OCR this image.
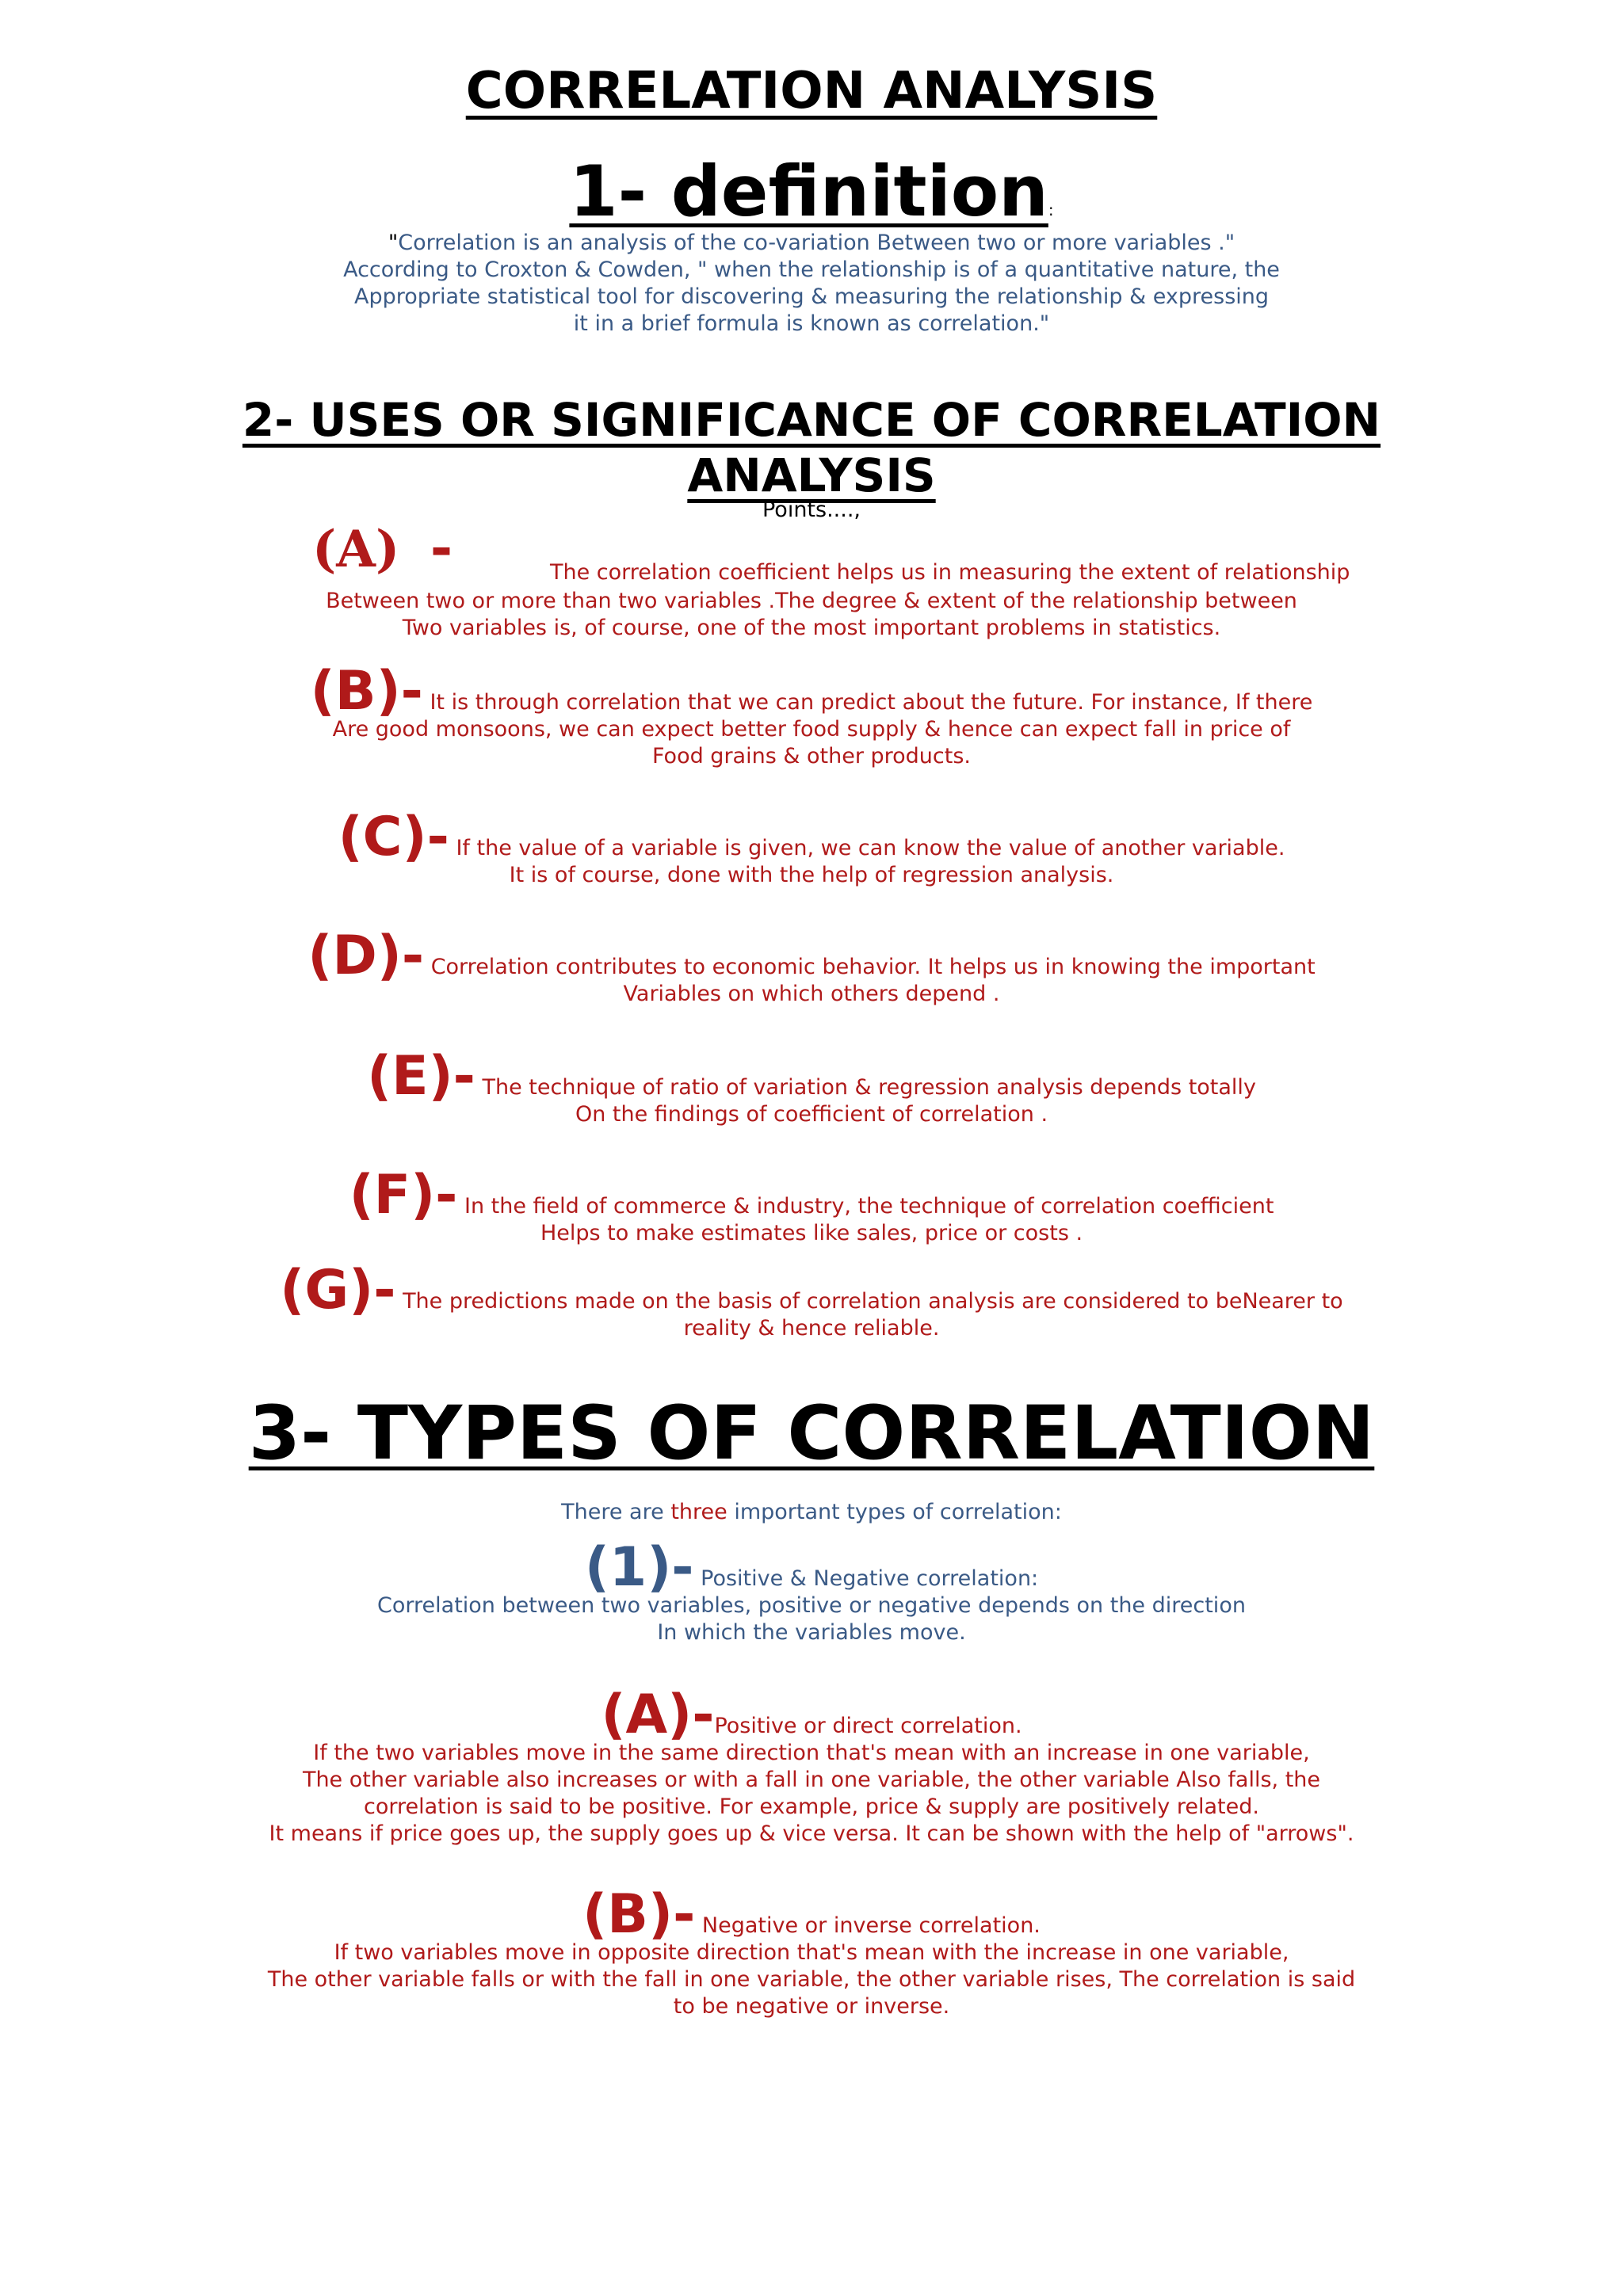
CORRELATION ANALYSIS
1- definition:
"Correlation is an analysis of the co-variation Between two or more variables ."
According to Croxton & Cowden, " when the relationship is of a quantitative nature, the
Appropriate statistical tool for discovering & measuring the relationship & expressing
it in a brief formula is known as correlation."
2- USES OR SIGNIFICANCE OF CORRELATION
ANALYSIS
Points....,
(A) -	The correlation coefficient helps us in measuring the extent of relationship
Between two or more than two variables .The degree & extent of the relationship between
Two variables is, of course, one of the most important problems in statistics.
(B)- It is through correlation that we can predict about the future. For instance, If there
Are good monsoons, we can expect better food supply & hence can expect fall in price of
Food grains & other products.
(C)- If the value of a variable is given, we can know the value of another variable.
It is of course, done with the help of regression analysis.
(D)- Correlation contributes to economic behavior. It helps us in knowing the important
Variables on which others depend .
(E)- The technique of ratio of variation & regression analysis depends totally
On the findings of coefficient of correlation .
(F)- In the field of commerce & industry, the technique of correlation coefficient
Helps to make estimates like sales, price or costs .
(G)- The predictions made on the basis of correlation analysis are considered to beNearer to
reality & hence reliable.
3- TYPES OF CORRELATION
There are three important types of correlation:
(1)- Positive & Negative correlation:
Correlation between two variables, positive or negative depends on the direction
In which the variables move.
(A)-Positive or direct correlation.
If the two variables move in the same direction that's mean with an increase in one variable,
The other variable also increases or with a fall in one variable, the other variable Also falls, the
correlation is said to be positive. For example, price & supply are positively related.
It means if price goes up, the supply goes up & vice versa. It can be shown with the help of "arrows".
(B)- Negative or inverse correlation.
If two variables move in opposite direction that's mean with the increase in one variable,
The other variable falls or with the fall in one variable, the other variable rises, The correlation is said
to be negative or inverse.
